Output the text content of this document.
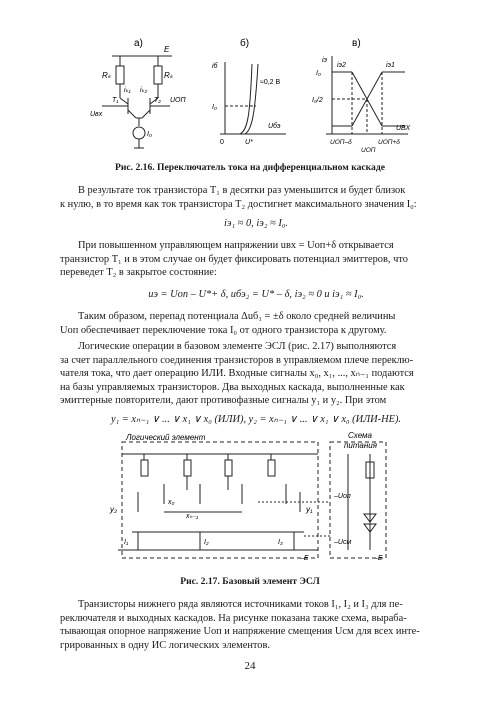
а)	б)	в)
E
Rₖ	Rₖ
iₖ₁ iₖ₂
T₁	T₂
Uвх
UОП
I₀
iб
≈0,2 В
I₀
Uбэ
0	U*
iэ
iэ2	iэ1
I₀
I₀/2
UВХ
UОП–δ
UОП
UОП+δ
Рис. 2.16. Переключатель тока на дифференциальном каскаде
В результате ток транзистора T₁ в десятки раз уменьшится и будет близок
к нулю, в то время как ток транзистора T₂ достигнет максимального значения I₀:
iэ₁ ≈ 0, iэ₂ ≈ I₀.
При повышенном управляющем напряжении uвх = Uоп+δ открывается
транзистор T₁ и в этом случае он будет фиксировать потенциал эмиттеров, что
переведет T₂ в закрытое состояние:
uэ = Uоп – U*+ δ, uбэ₂ = U* – δ, iэ₂ ≈ 0 и iэ₁ ≈ I₀.
Таким образом, перепад потенциала Δuб₁ = ±δ около средней величины
Uоп обеспечивает переключение тока I₀ от одного транзистора к другому.
Логические операции в базовом элементе ЭСЛ (рис. 2.17) выполняются
за счет параллельного соединения транзисторов в управляемом плече переклю-
чателя тока, что дает операцию ИЛИ. Входные сигналы x₀, x₁, ..., xₙ₋₁ подаются
на базы управляемых транзисторов. Два выходных каскада, выполненные как
эмиттерные повторители, дают противофазные сигналы y₁ и y₂. При этом
y₁ = xₙ₋₁ ∨ ... ∨ x₁ ∨ x₀ (ИЛИ), y₂ = xₙ₋₁ ∨ ... ∨ x₁ ∨ x₀ (ИЛИ-НЕ).
Логический элемент	Схема
питания
x₀
xₙ₋₁
y₂	y₁
–Uоп
–Uсм
I₁	I₂	I₃
–E	–E
Рис. 2.17. Базовый элемент ЭСЛ
Транзисторы нижнего ряда являются источниками токов I₁, I₂ и I₃ для пе-
реключателя и выходных каскадов. На рисунке показана также схема, выраба-
тывающая опорное напряжение Uоп и напряжение смещения Uсм для всех инте-
грированных в одну ИС логических элементов.
24
